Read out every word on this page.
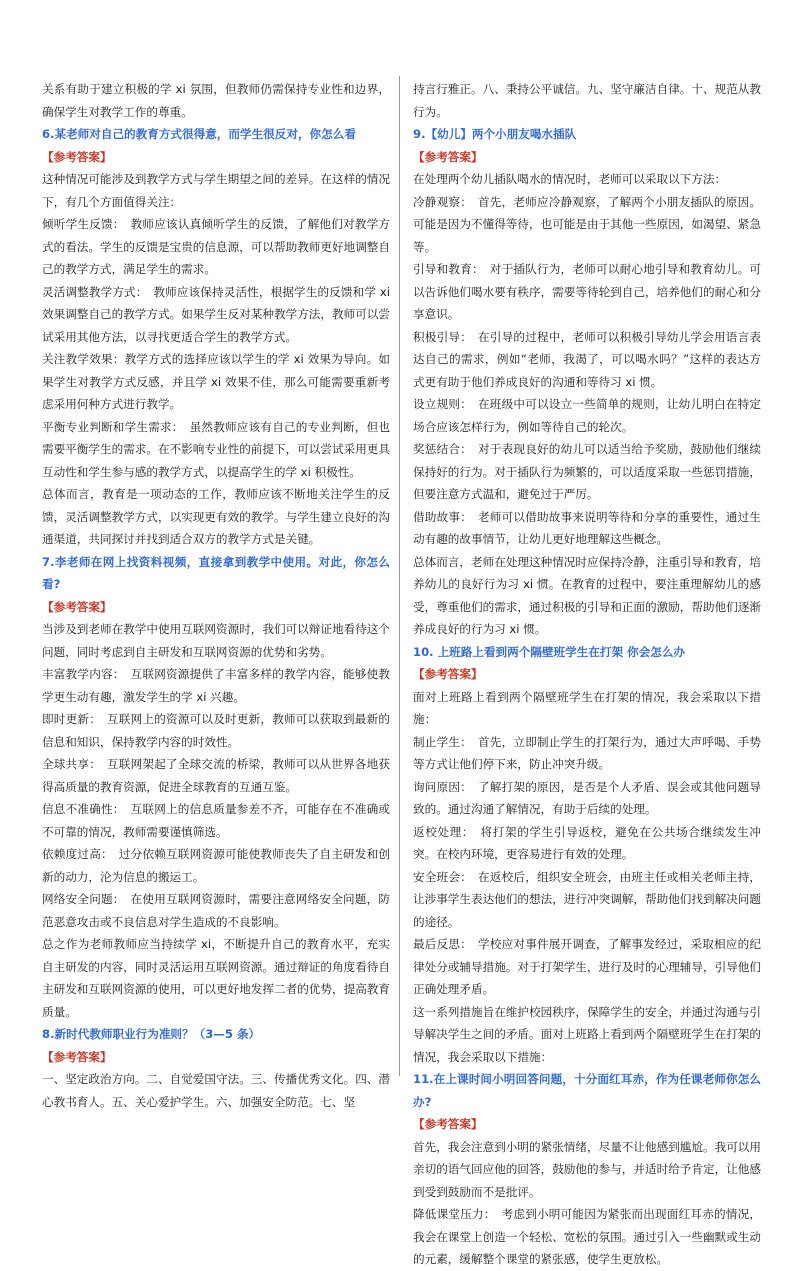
关系有助于建立积极的学 xi 氛围，但教师仍需保持专业性和边界，确保学生对教学工作的尊重。

6.某老师对自己的教育方式很得意，而学生很反对，你怎么看

【参考答案】

这种情况可能涉及到教学方式与学生期望之间的差异。在这样的情况下，有几个方面值得关注：

倾听学生反馈：　教师应该认真倾听学生的反馈，了解他们对教学方式的看法。学生的反馈是宝贵的信息源，可以帮助教师更好地调整自己的教学方式，满足学生的需求。

灵活调整教学方式：　教师应该保持灵活性，根据学生的反馈和学 xi 效果调整自己的教学方式。如果学生反对某种教学方法，教师可以尝试采用其他方法，以寻找更适合学生的教学方式。

关注教学效果：教学方式的选择应该以学生的学 xi 效果为导向。如果学生对教学方式反感，并且学 xi 效果不佳，那么可能需要重新考虑采用何种方式进行教学。

平衡专业判断和学生需求：　虽然教师应该有自己的专业判断，但也需要平衡学生的需求。在不影响专业性的前提下，可以尝试采用更具互动性和学生参与感的教学方式，以提高学生的学 xi 积极性。

总体而言，教育是一项动态的工作，教师应该不断地关注学生的反馈，灵活调整教学方式，以实现更有效的教学。与学生建立良好的沟通渠道，共同探讨并找到适合双方的教学方式是关键。

7.李老师在网上找资料视频，直接拿到教学中使用。对此，你怎么看?

【参考答案】

当涉及到老师在教学中使用互联网资源时，我们可以辩证地看待这个问题，同时考虑到自主研发和互联网资源的优势和劣势。

丰富教学内容：　互联网资源提供了丰富多样的教学内容，能够使教学更生动有趣，激发学生的学 xi 兴趣。

即时更新：　互联网上的资源可以及时更新，教师可以获取到最新的信息和知识，保持教学内容的时效性。

全球共享：　互联网架起了全球交流的桥梁，教师可以从世界各地获得高质量的教育资源，促进全球教育的互通互鉴。

信息不准确性：　互联网上的信息质量参差不齐，可能存在不准确或不可靠的情况，教师需要谨慎筛选。

依赖度过高：　过分依赖互联网资源可能使教师丧失了自主研发和创新的动力，沦为信息的搬运工。

网络安全问题：　在使用互联网资源时，需要注意网络安全问题，防范恶意攻击或不良信息对学生造成的不良影响。

总之作为老师教师应当持续学 xi，不断提升自己的教育水平，充实自主研发的内容，同时灵活运用互联网资源。通过辩证的角度看待自主研发和互联网资源的使用，可以更好地发挥二者的优势，提高教育质量。

8.新时代教师职业行为准则？（3—5 条）

【参考答案】

一、坚定政治方向。二、自觉爱国守法。三、传播优秀文化。四、潜心教书育人。五、关心爱护学生。六、加强安全防范。七、坚

持言行雅正。八、秉持公平诚信。九、坚守廉洁自律。十、规范从教行为。

9.【幼儿】两个小朋友喝水插队

【参考答案】

在处理两个幼儿插队喝水的情况时，老师可以采取以下方法：

冷静观察：　首先，老师应冷静观察，了解两个小朋友插队的原因。可能是因为不懂得等待，也可能是由于其他一些原因，如渴望、紧急等。

引导和教育：　对于插队行为，老师可以耐心地引导和教育幼儿。可以告诉他们喝水要有秩序，需要等待轮到自己，培养他们的耐心和分享意识。

积极引导：　在引导的过程中，老师可以积极引导幼儿学会用语言表达自己的需求，例如“老师，我渴了，可以喝水吗？”这样的表达方式更有助于他们养成良好的沟通和等待习 xi 惯。

设立规则：　在班级中可以设立一些简单的规则，让幼儿明白在特定场合应该怎样行为，例如等待自己的轮次。

奖惩结合：　对于表现良好的幼儿可以适当给予奖励，鼓励他们继续保持好的行为。对于插队行为频繁的，可以适度采取一些惩罚措施，但要注意方式温和，避免过于严厉。

借助故事：　老师可以借助故事来说明等待和分享的重要性，通过生动有趣的故事情节，让幼儿更好地理解这些概念。

总体而言，老师在处理这种情况时应保持冷静，注重引导和教育，培养幼儿的良好行为习 xi 惯。在教育的过程中，要注重理解幼儿的感受，尊重他们的需求，通过积极的引导和正面的激励，帮助他们逐渐养成良好的行为习 xi 惯。

10. 上班路上看到两个隔壁班学生在打架 你会怎么办

【参考答案】

面对上班路上看到两个隔壁班学生在打架的情况，我会采取以下措施：

制止学生：　首先，立即制止学生的打架行为，通过大声呼喝、手势等方式让他们停下来，防止冲突升级。

询问原因：　了解打架的原因，是否是个人矛盾、误会或其他问题导致的。通过沟通了解情况，有助于后续的处理。

返校处理：　将打架的学生引导返校，避免在公共场合继续发生冲突。在校内环境，更容易进行有效的处理。

安全班会：　在返校后，组织安全班会，由班主任或相关老师主持，让涉事学生表达他们的想法，进行冲突调解，帮助他们找到解决问题的途径。

最后反思：　学校应对事件展开调查，了解事发经过，采取相应的纪律处分或辅导措施。对于打架学生，进行及时的心理辅导，引导他们正确处理矛盾。

这一系列措施旨在维护校园秩序，保障学生的安全，并通过沟通与引导解决学生之间的矛盾。面对上班路上看到两个隔壁班学生在打架的情况，我会采取以下措施：

11.在上课时间小明回答问题，十分面红耳赤，作为任课老师你怎么办?

【参考答案】

首先，我会注意到小明的紧张情绪，尽量不让他感到尴尬。我可以用亲切的语气回应他的回答，鼓励他的参与，并适时给予肯定，让他感到受到鼓励而不是批评。

降低课堂压力：　考虑到小明可能因为紧张而出现面红耳赤的情况，我会在课堂上创造一个轻松、宽松的氛围。通过引入一些幽默或生动的元素，缓解整个课堂的紧张感，使学生更放松。
